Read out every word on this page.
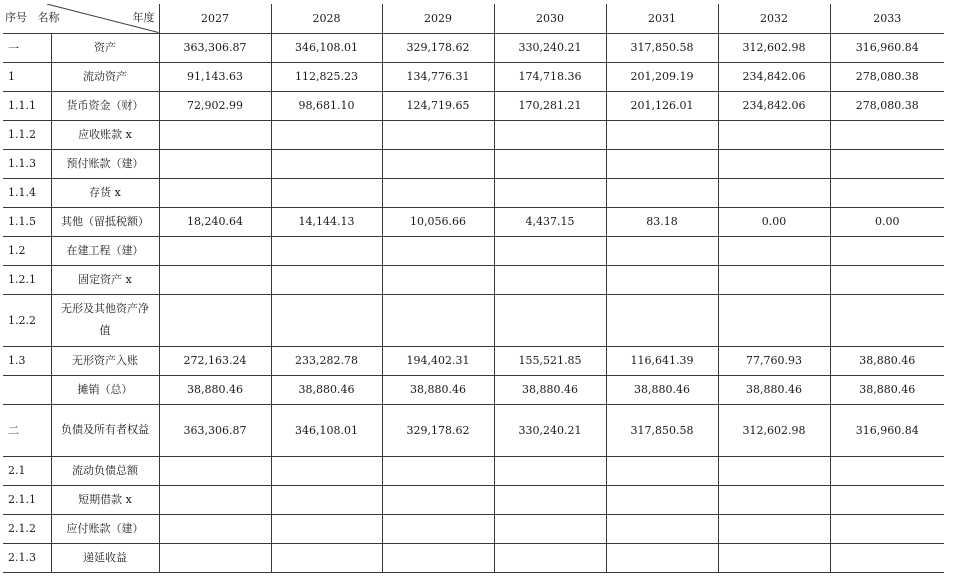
序号 名称 年度		2027	2028	2029	2030	2031	2032	2033
一	资产	363,306.87	346,108.01	329,178.62	330,240.21	317,850.58	312,602.98	316,960.84
1	流动资产	91,143.63	112,825.23	134,776.31	174,718.36	201,209.19	234,842.06	278,080.38
1.1.1	货币资金（财）	72,902.99	98,681.10	124,719.65	170,281.21	201,126.01	234,842.06	278,080.38
1.1.2	应收账款 x							
1.1.3	预付账款（建）							
1.1.4	存货 x							
1.1.5	其他（留抵税额）	18,240.64	14,144.13	10,056.66	4,437.15	83.18	0.00	0.00
1.2	在建工程（建）							
1.2.1	固定资产 x							
1.2.2	无形及其他资产净值							
1.3	无形资产入账	272,163.24	233,282.78	194,402.31	155,521.85	116,641.39	77,760.93	38,880.46
	摊销（总）	38,880.46	38,880.46	38,880.46	38,880.46	38,880.46	38,880.46	38,880.46
二	负债及所有者权益	363,306.87	346,108.01	329,178.62	330,240.21	317,850.58	312,602.98	316,960.84
2.1	流动负债总额							
2.1.1	短期借款 x							
2.1.2	应付账款（建）							
2.1.3	递延收益							
